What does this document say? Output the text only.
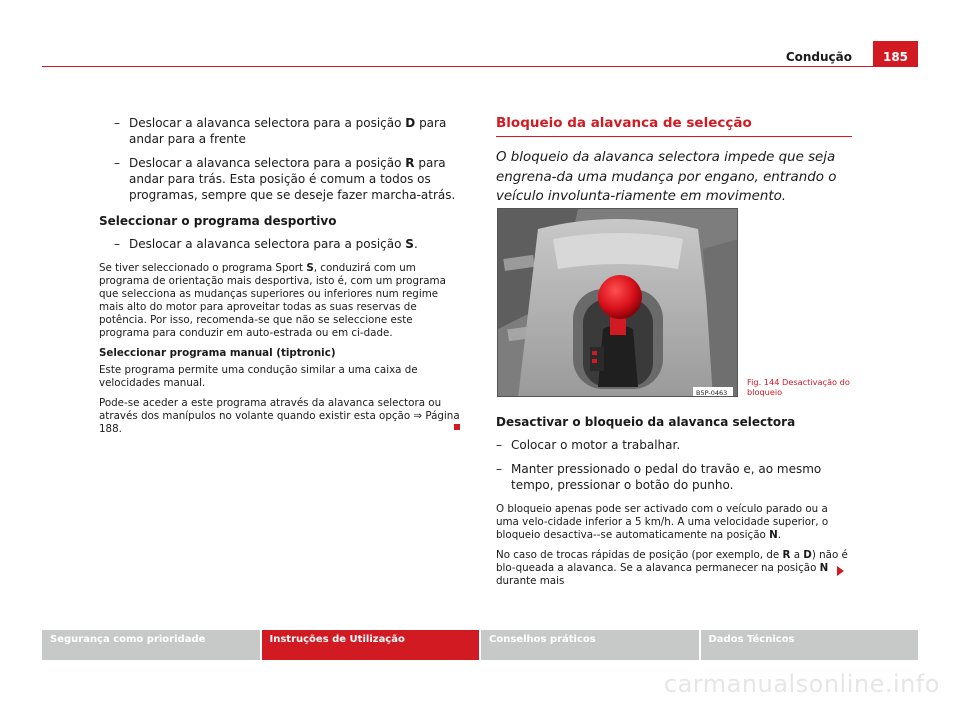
Condução	185
– Deslocar a alavanca selectora para a posição D para andar para a frente
– Deslocar a alavanca selectora para a posição R para andar para trás. Esta posição é comum a todos os programas, sempre que se deseje fazer marcha-atrás.
Seleccionar o programa desportivo
– Deslocar a alavanca selectora para a posição S.

Se tiver seleccionado o programa Sport S, conduzirá com um programa de orientação mais desportiva, isto é, com um programa que selecciona as mudanças superiores ou inferiores num regime mais alto do motor para aproveitar todas as suas reservas de potência. Por isso, recomenda-se que não se seleccione este programa para conduzir em auto-estrada ou em ci-dade.

Seleccionar programa manual (tiptronic)

Este programa permite uma condução similar a uma caixa de velocidades manual.

Pode-se aceder a este programa através da alavanca selectora ou através dos manípulos no volante quando existir esta opção ⇒ Página 188.

Bloqueio da alavanca de selecção

O bloqueio da alavanca selectora impede que seja engrena-da uma mudança por engano, entrando o veículo involunta-riamente em movimento.

B5P-0463
Fig. 144 Desactivação do bloqueio
Desactivar o bloqueio da alavanca selectora
– Colocar o motor a trabalhar.
– Manter pressionado o pedal do travão e, ao mesmo tempo, pressionar o botão do punho.

O bloqueio apenas pode ser activado com o veículo parado ou a uma velo-cidade inferior a 5 km/h. A uma velocidade superior, o bloqueio desactiva--se automaticamente na posição N.

No caso de trocas rápidas de posição (por exemplo, de R a D) não é blo-queada a alavanca. Se a alavanca permanecer na posição N durante mais

Segurança como prioridade	Instruções de Utilização	Conselhos práticos	Dados Técnicos
carmanualsonline.info
